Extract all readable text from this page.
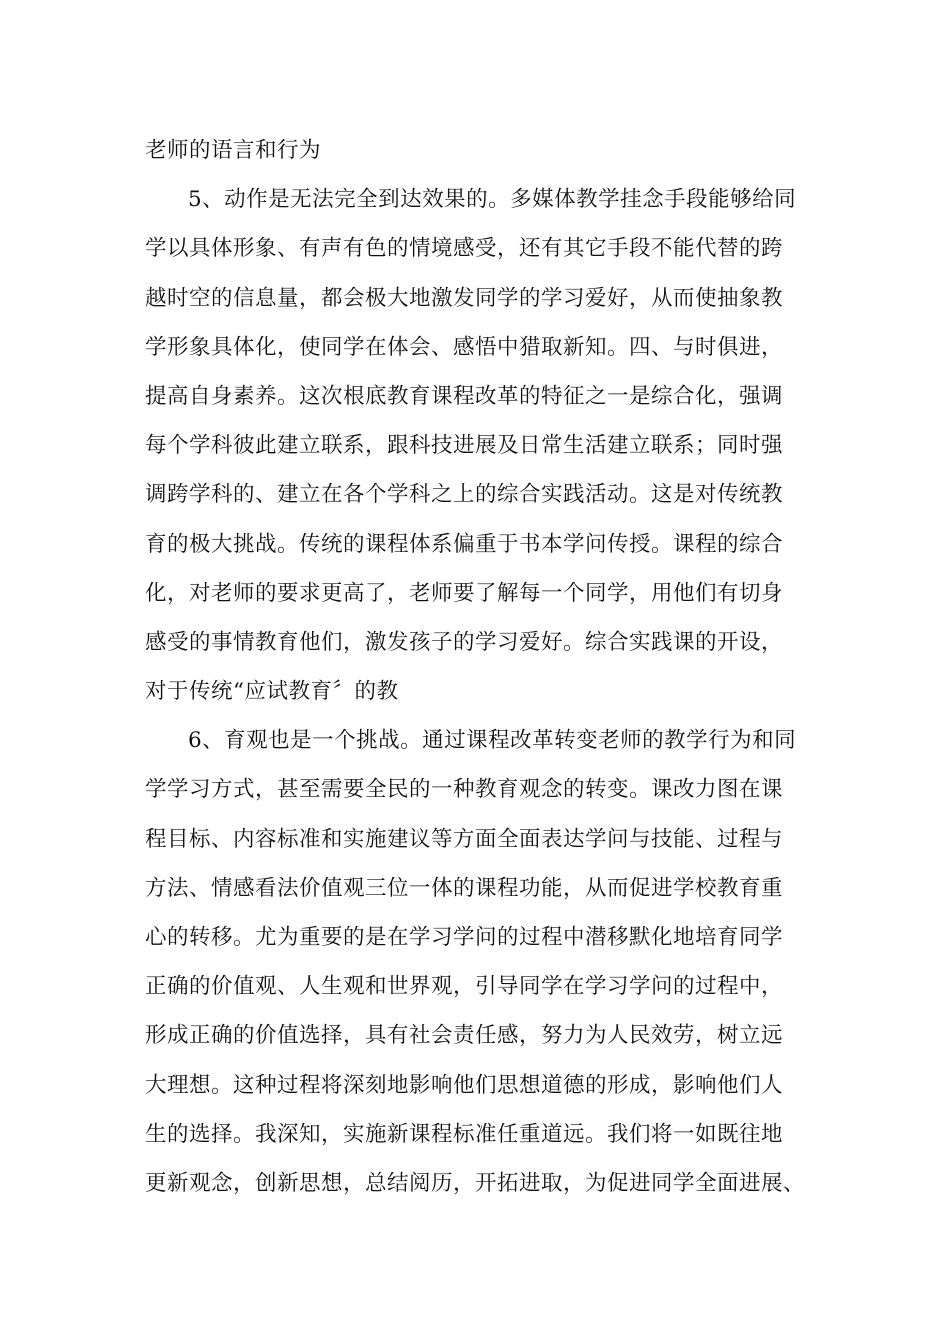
老师的语言和行为
5、动作是无法完全到达效果的。多媒体教学挂念手段能够给同
学以具体形象、有声有色的情境感受，还有其它手段不能代替的跨
越时空的信息量，都会极大地激发同学的学习爱好，从而使抽象教
学形象具体化，使同学在体会、感悟中猎取新知。四、与时俱进，
提高自身素养。这次根底教育课程改革的特征之一是综合化，强调
每个学科彼此建立联系，跟科技进展及日常生活建立联系；同时强
调跨学科的、建立在各个学科之上的综合实践活动。这是对传统教
育的极大挑战。传统的课程体系偏重于书本学问传授。课程的综合
化，对老师的要求更高了，老师要了解每一个同学，用他们有切身
感受的事情教育他们，激发孩子的学习爱好。综合实践课的开设，
对于传统“应试教育〞的教
6、育观也是一个挑战。通过课程改革转变老师的教学行为和同
学学习方式，甚至需要全民的一种教育观念的转变。课改力图在课
程目标、内容标准和实施建议等方面全面表达学问与技能、过程与
方法、情感看法价值观三位一体的课程功能，从而促进学校教育重
心的转移。尤为重要的是在学习学问的过程中潜移默化地培育同学
正确的价值观、人生观和世界观，引导同学在学习学问的过程中，
形成正确的价值选择，具有社会责任感，努力为人民效劳，树立远
大理想。这种过程将深刻地影响他们思想道德的形成，影响他们人
生的选择。我深知，实施新课程标准任重道远。我们将一如既往地
更新观念，创新思想，总结阅历，开拓进取，为促进同学全面进展、
